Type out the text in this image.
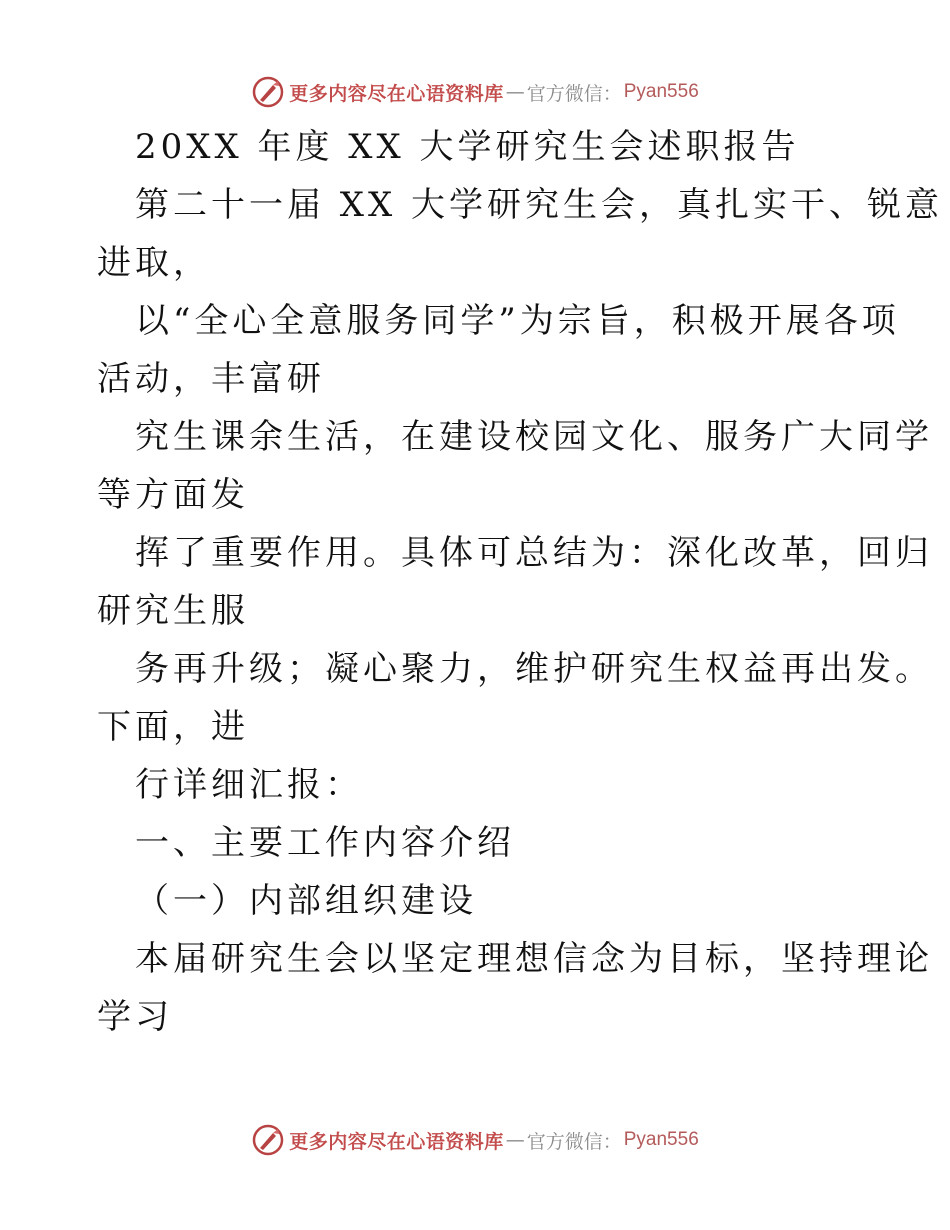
更多内容尽在心语资料库 — 官方微信： Pyan556
20XX 年度 XX 大学研究生会述职报告
第二十一届 XX 大学研究生会，真扎实干、锐意
进取，
以“全心全意服务同学”为宗旨，积极开展各项
活动，丰富研
究生课余生活，在建设校园文化、服务广大同学
等方面发
挥了重要作用。具体可总结为：深化改革，回归
研究生服
务再升级；凝心聚力，维护研究生权益再出发。
下面，进
行详细汇报：
一、主要工作内容介绍
（一）内部组织建设
本届研究生会以坚定理想信念为目标，坚持理论
学习
更多内容尽在心语资料库 — 官方微信： Pyan556
